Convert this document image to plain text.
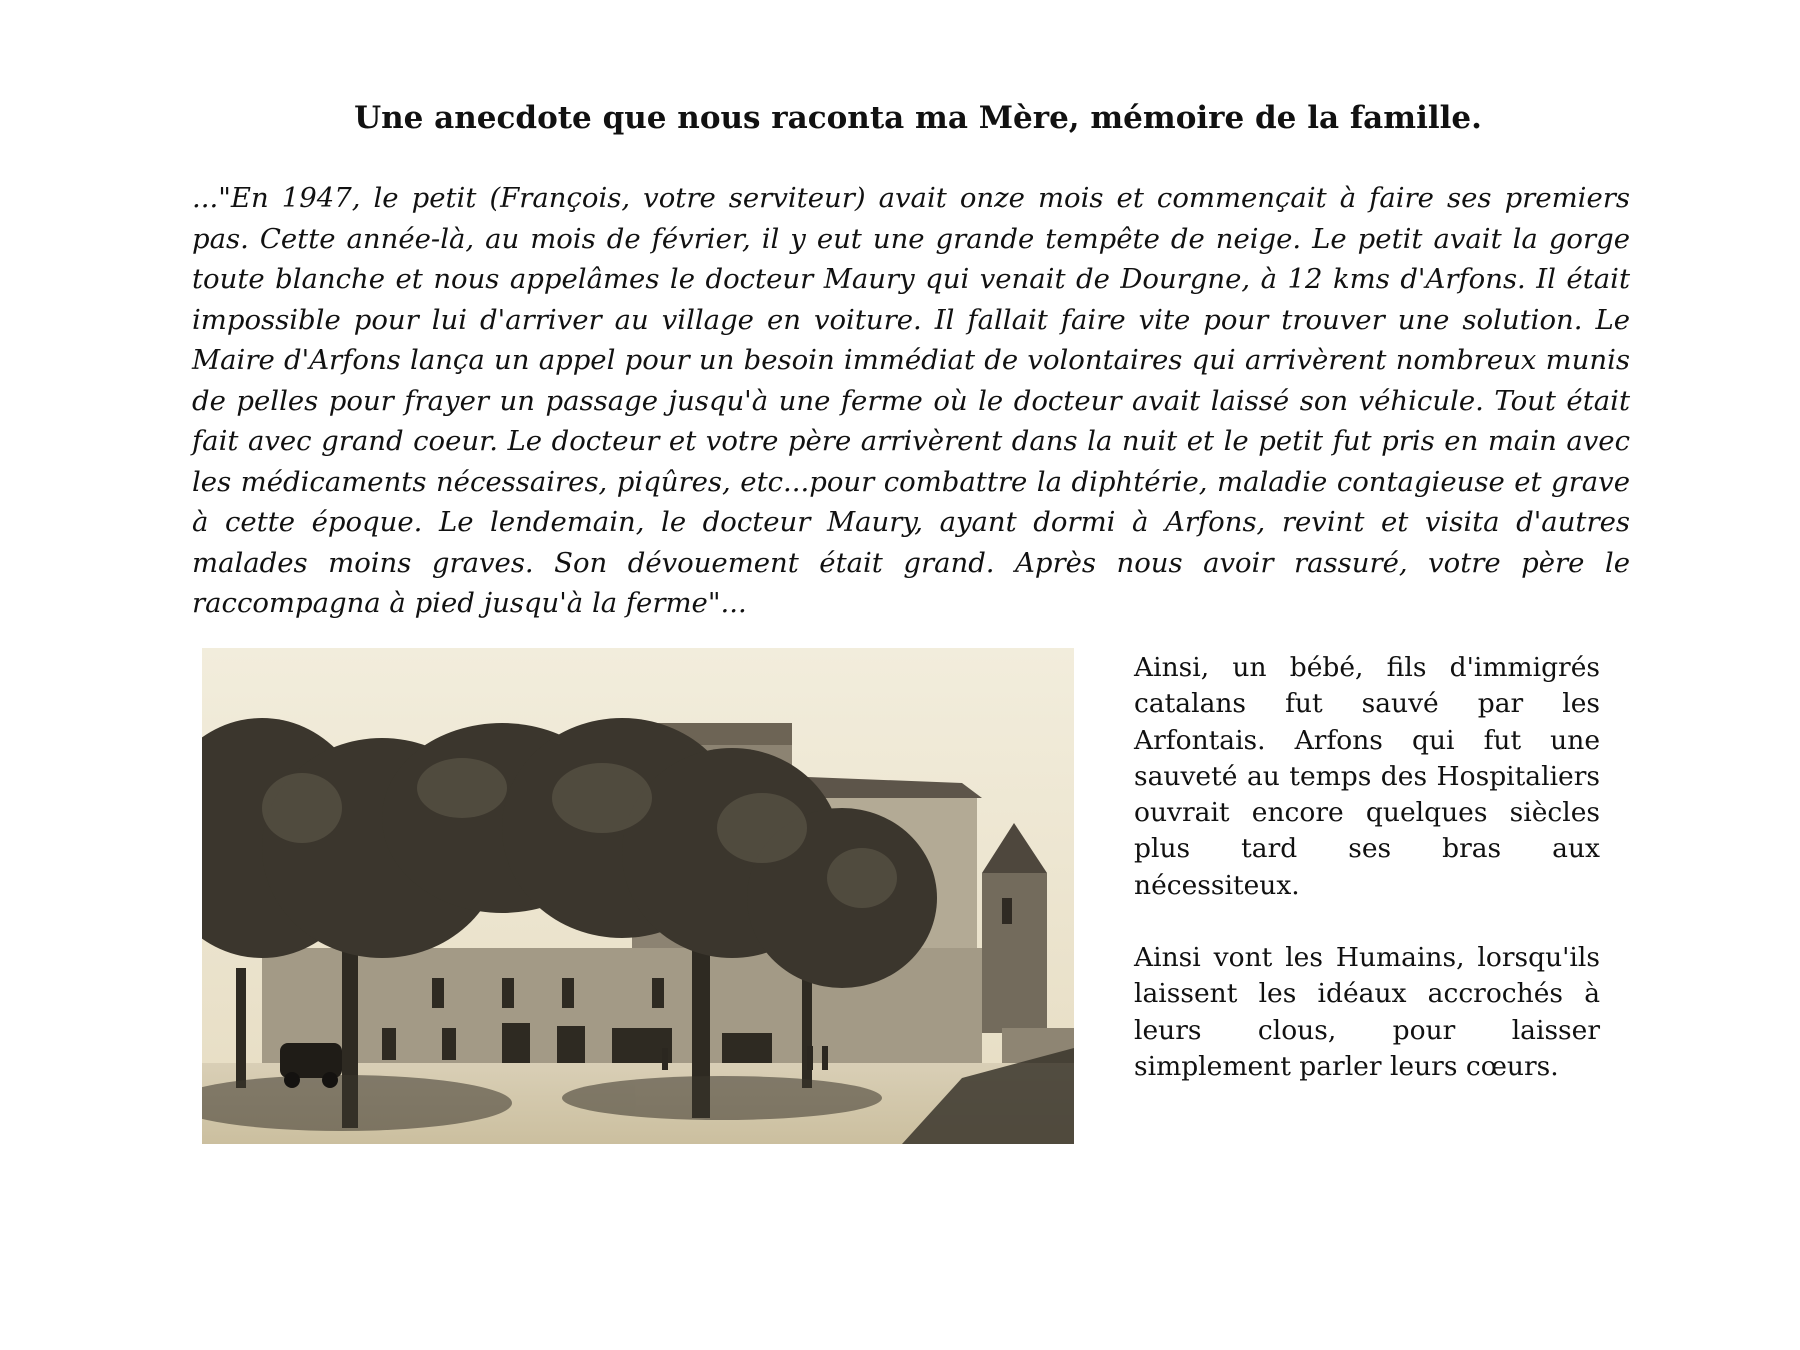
Une anecdote que nous raconta ma Mère, mémoire de la famille.

..."En 1947, le petit (François, votre serviteur) avait onze mois et commençait à faire ses premiers pas. Cette année-là, au mois de février, il y eut une grande tempête de neige. Le petit avait la gorge toute blanche et nous appelâmes le docteur Maury qui venait de Dourgne, à 12 kms d'Arfons. Il était impossible pour lui d'arriver au village en voiture. Il fallait faire vite pour trouver une solution. Le Maire d'Arfons lança un appel pour un besoin immédiat de volontaires qui arrivèrent nombreux munis de pelles pour frayer un passage jusqu'à une ferme où le docteur avait laissé son véhicule. Tout était fait avec grand coeur. Le docteur et votre père arrivèrent dans la nuit et le petit fut pris en main avec les médicaments nécessaires, piqûres, etc...pour combattre la diphtérie, maladie contagieuse et grave à cette époque. Le lendemain, le docteur Maury, ayant dormi à Arfons, revint et visita d'autres malades moins graves. Son dévouement était grand. Après nous avoir rassuré, votre père le raccompagna à pied jusqu'à la ferme"...

Ainsi, un bébé, fils d'immigrés catalans fut sauvé par les Arfontais. Arfons qui fut une sauveté au temps des Hospitaliers ouvrait encore quelques siècles plus tard ses bras aux nécessiteux.

Ainsi vont les Humains, lorsqu'ils laissent les idéaux accrochés à leurs clous, pour laisser simplement parler leurs cœurs.
